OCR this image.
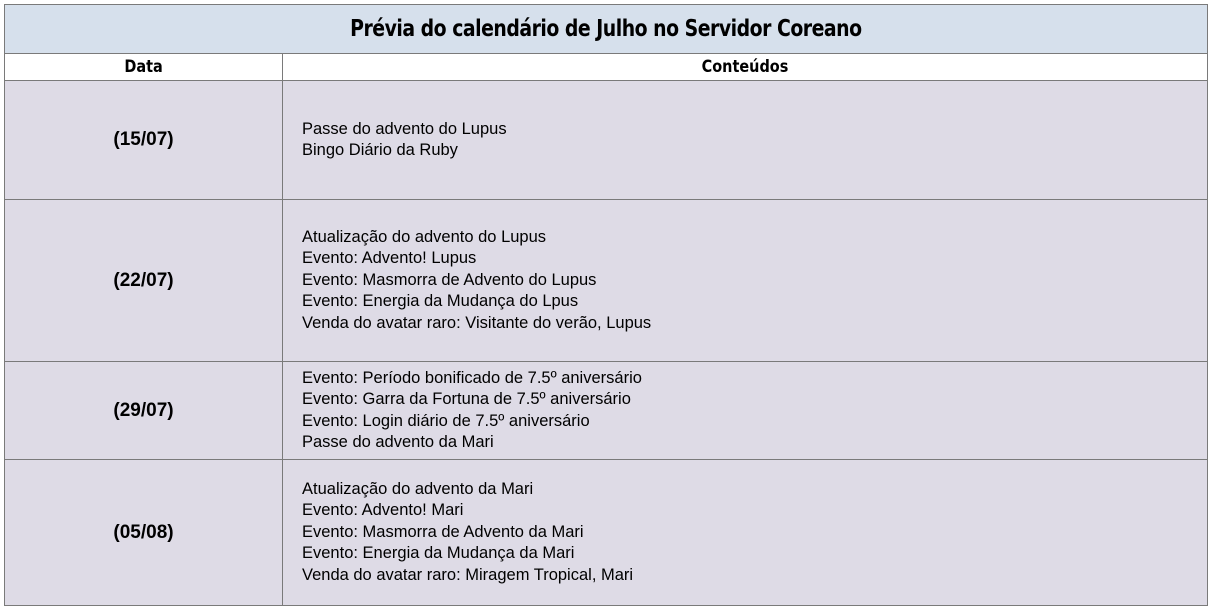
Prévia do calendário de Julho no Servidor Coreano	
Data	Conteúdos
(15/07)	Passe do advento do Lupus
Bingo Diário da Ruby

(22/07)	Atualização do advento do Lupus
Evento: Advento! Lupus
Evento: Masmorra de Advento do Lupus
Evento: Energia da Mudança do Lpus
Venda do avatar raro: Visitante do verão, Lupus

(29/07)	Evento: Período bonificado de 7.5º aniversário
Evento: Garra da Fortuna de 7.5º aniversário
Evento: Login diário de 7.5º aniversário
Passe do advento da Mari

(05/08)	Atualização do advento da Mari
Evento: Advento! Mari
Evento: Masmorra de Advento da Mari
Evento: Energia da Mudança da Mari
Venda do avatar raro: Miragem Tropical, Mari
